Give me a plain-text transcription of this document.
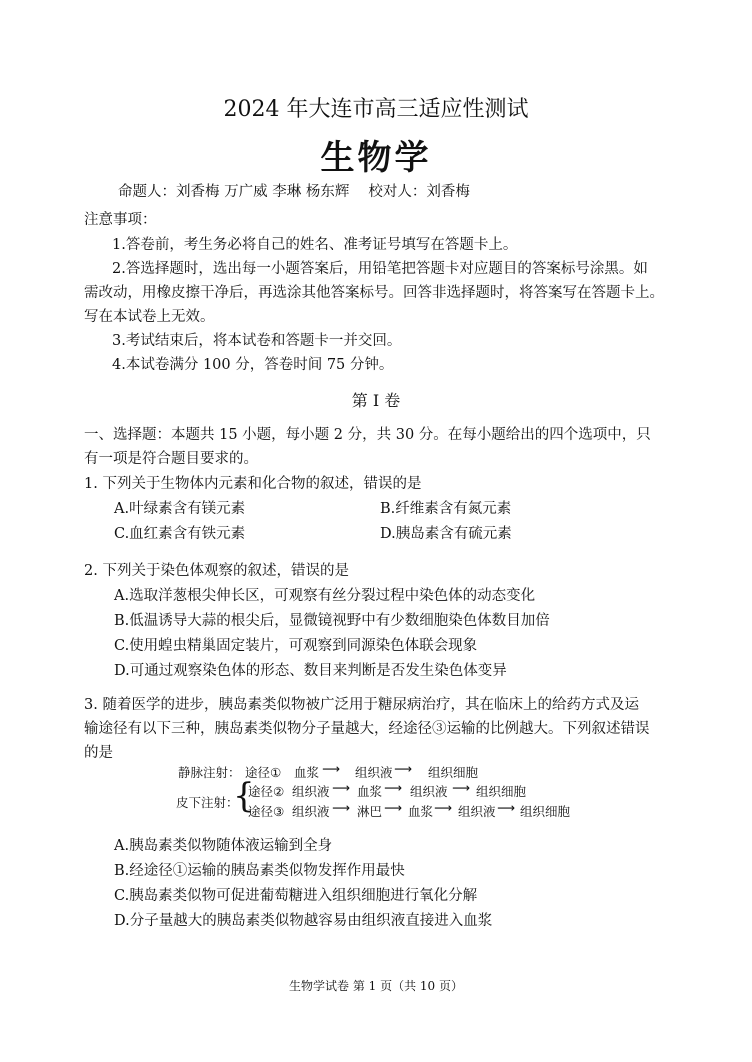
2024 年大连市高三适应性测试
生物学
命题人：刘香梅 万广威 李琳 杨东辉　 校对人：刘香梅
注意事项：
1.答卷前，考生务必将自己的姓名、准考证号填写在答题卡上。
2.答选择题时，选出每一小题答案后，用铅笔把答题卡对应题目的答案标号涂黑。如
需改动，用橡皮擦干净后，再选涂其他答案标号。回答非选择题时，将答案写在答题卡上。
写在本试卷上无效。
3.考试结束后，将本试卷和答题卡一并交回。
4.本试卷满分 100 分，答卷时间 75 分钟。
第 Ⅰ 卷
一、选择题：本题共 15 小题，每小题 2 分，共 30 分。在每小题给出的四个选项中，只
有一项是符合题目要求的。
1. 下列关于生物体内元素和化合物的叙述，错误的是
A.叶绿素含有镁元素	B.纤维素含有氮元素
C.血红素含有铁元素	D.胰岛素含有硫元素
2. 下列关于染色体观察的叙述，错误的是
A.选取洋葱根尖伸长区，可观察有丝分裂过程中染色体的动态变化
B.低温诱导大蒜的根尖后，显微镜视野中有少数细胞染色体数目加倍
C.使用蝗虫精巢固定装片，可观察到同源染色体联会现象
D.可通过观察染色体的形态、数目来判断是否发生染色体变异
3. 随着医学的进步，胰岛素类似物被广泛用于糖尿病治疗，其在临床上的给药方式及运
输途径有以下三种，胰岛素类似物分子量越大，经途径③运输的比例越大。下列叙述错误
的是
静脉注射： 途径① 血浆 ⟶ 组织液 ⟶ 组织细胞
皮下注射：
{
途径② 组织液 ⟶ 血浆 ⟶ 组织液 ⟶ 组织细胞
途径③ 组织液 ⟶ 淋巴 ⟶ 血浆 ⟶ 组织液 ⟶ 组织细胞
A.胰岛素类似物随体液运输到全身
B.经途径①运输的胰岛素类似物发挥作用最快
C.胰岛素类似物可促进葡萄糖进入组织细胞进行氧化分解
D.分子量越大的胰岛素类似物越容易由组织液直接进入血浆
生物学试卷 第 1 页（共 10 页）
